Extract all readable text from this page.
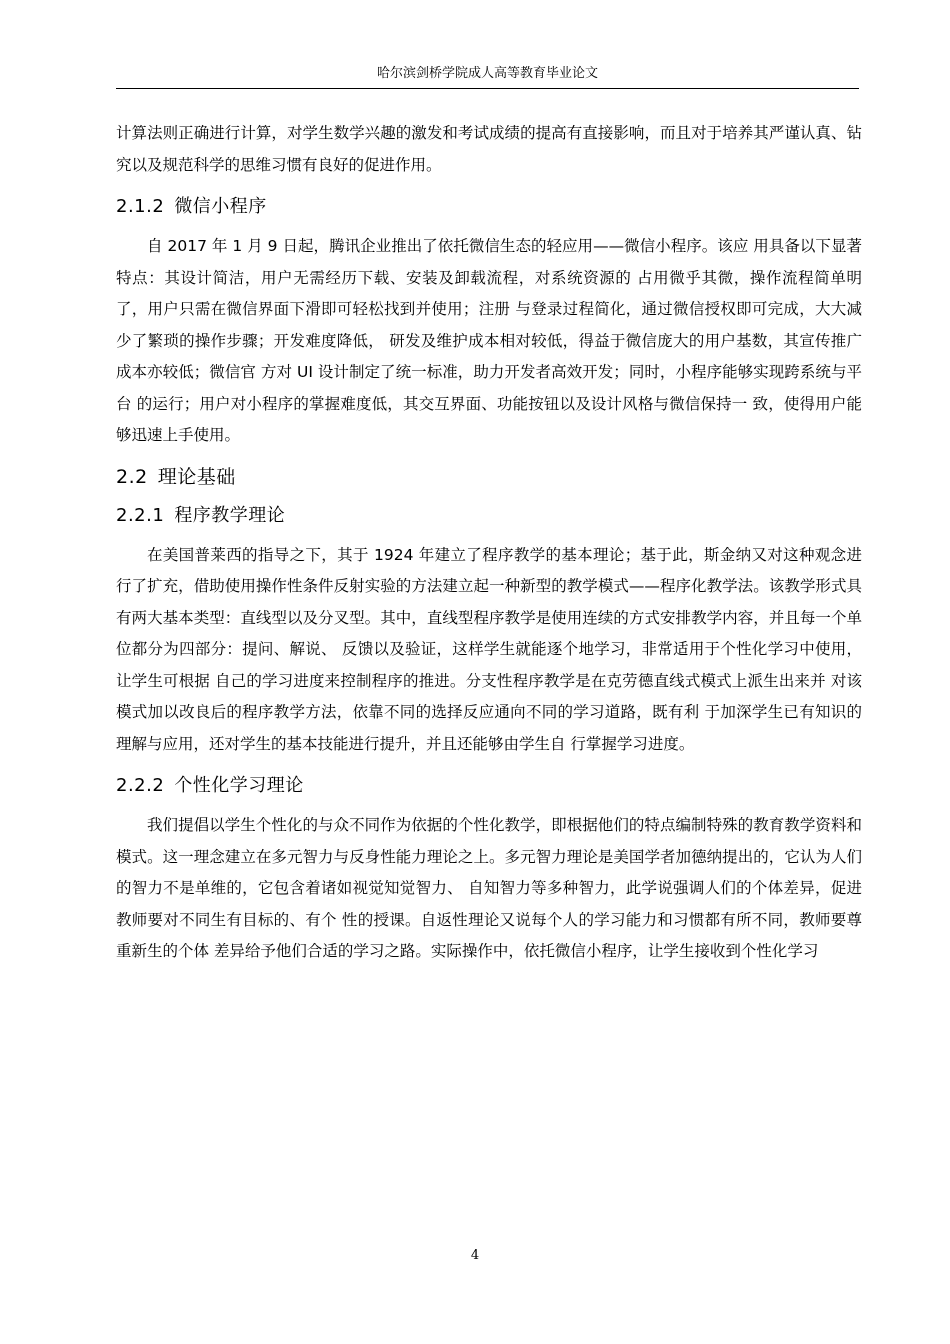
哈尔滨剑桥学院成人高等教育毕业论文

计算法则正确进行计算，对学生数学兴趣的激发和考试成绩的提高有直接影响，而且对于培养其严谨认真、钻究以及规范科学的思维习惯有良好的促进作用。

2.1.2 微信小程序

自 2017 年 1 月 9 日起，腾讯企业推出了依托微信生态的轻应用——微信小程序。该应 用具备以下显著特点：其设计简洁，用户无需经历下载、安装及卸载流程，对系统资源的 占用微乎其微，操作流程简单明了，用户只需在微信界面下滑即可轻松找到并使用；注册 与登录过程简化，通过微信授权即可完成，大大减少了繁琐的操作步骤；开发难度降低， 研发及维护成本相对较低，得益于微信庞大的用户基数，其宣传推广成本亦较低；微信官 方对 UI 设计制定了统一标准，助力开发者高效开发；同时，小程序能够实现跨系统与平台 的运行；用户对小程序的掌握难度低，其交互界面、功能按钮以及设计风格与微信保持一 致，使得用户能够迅速上手使用。

2.2 理论基础
2.2.1 程序教学理论

在美国普莱西的指导之下，其于 1924 年建立了程序教学的基本理论；基于此，斯金纳又对这种观念进行了扩充，借助使用操作性条件反射实验的方法建立起一种新型的教学模式——程序化教学法。该教学形式具有两大基本类型：直线型以及分叉型。其中，直线型程序教学是使用连续的方式安排教学内容，并且每一个单位都分为四部分：提问、解说、 反馈以及验证，这样学生就能逐个地学习，非常适用于个性化学习中使用，让学生可根据 自己的学习进度来控制程序的推进。分支性程序教学是在克劳德直线式模式上派生出来并 对该模式加以改良后的程序教学方法，依靠不同的选择反应通向不同的学习道路，既有利 于加深学生已有知识的理解与应用，还对学生的基本技能进行提升，并且还能够由学生自 行掌握学习进度。

2.2.2 个性化学习理论

我们提倡以学生个性化的与众不同作为依据的个性化教学，即根据他们的特点编制特殊的教育教学资料和模式。这一理念建立在多元智力与反身性能力理论之上。多元智力理论是美国学者加德纳提出的，它认为人们的智力不是单维的，它包含着诸如视觉知觉智力、 自知智力等多种智力，此学说强调人们的个体差异，促进教师要对不同生有目标的、有个 性的授课。自返性理论又说每个人的学习能力和习惯都有所不同，教师要尊重新生的个体 差异给予他们合适的学习之路。实际操作中，依托微信小程序，让学生接收到个性化学习

4
